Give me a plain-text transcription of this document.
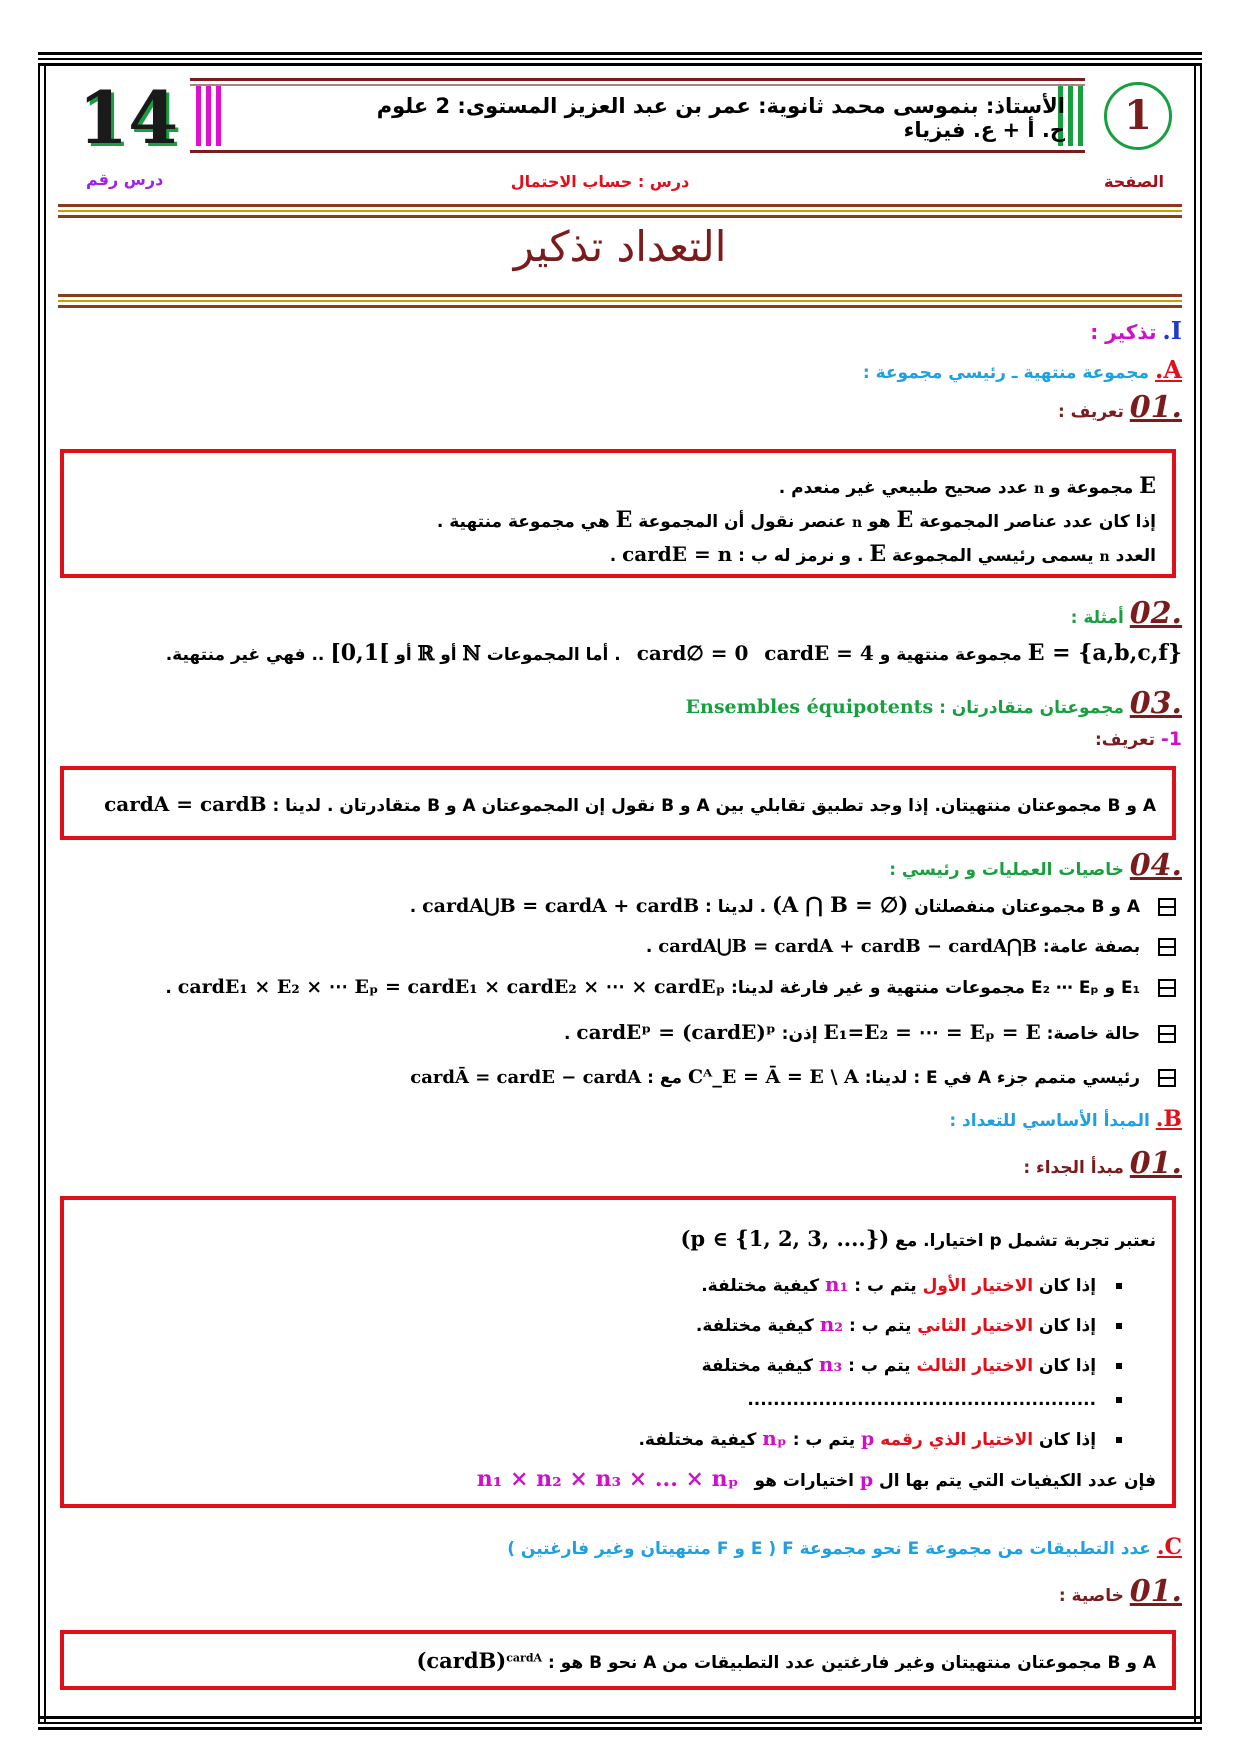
14
درس رقم
الأستاذ: بنموسى محمد ثانوية: عمر بن عبد العزيز المستوى: 2 علوم ح. أ + ع. فيزياء	1
الصفحة
درس : حساب الاحتمال
التعداد تذكير
I. تذكير :
A. مجموعة منتهية ـ رئيسي مجموعة :
.01 تعريف :
E مجموعة و n عدد صحيح طبيعي غير منعدم .
إذا كان عدد عناصر المجموعة E هو n عنصر نقول أن المجموعة E هي مجموعة منتهية .
العدد n يسمى رئيسي المجموعة E . و نرمز له ب : cardE = n .
.02 أمثلة :
E = {a,b,c,f} مجموعة منتهية و cardE = 4 card∅ = 0 . أما المجموعات ℕ أو ℝ أو [0,1[ .. فهي غير منتهية.
.03 مجموعتان متقادرتان : Ensembles équipotents
1- تعريف:
A و B مجموعتان منتهيتان. إذا وجد تطبيق تقابلي بين A و B نقول إن المجموعتان A و B متقادرتان . لدينا : cardA = cardB
.04 خاصيات العمليات و رئيسي :
A و B مجموعتان منفصلتان (A ⋂ B = ∅) . لدينا : cardA⋃B = cardA + cardB .
بصفة عامة: cardA⋃B = cardA + cardB − cardA⋂B .
E₁ و E₂ ⋯ Eₚ مجموعات منتهية و غير فارغة لدينا: cardE₁ × E₂ × ⋯ Eₚ = cardE₁ × cardE₂ × ⋯ × cardEₚ .
حالة خاصة: E₁=E₂ = ⋯ = Eₚ = E إذن: cardEᵖ = (cardE)ᵖ .
رئيسي متمم جزء A في E : لدينا: Cᴬ_E = Ā = E \ A مع : cardĀ = cardE − cardA
B. المبدأ الأساسي للتعداد :
.01 مبدأ الجداء :
نعتبر تجربة تشمل p اختيارا. مع (p ∈ {1, 2, 3, ....})
إذا كان الاختيار الأول يتم ب : n₁ كيفية مختلفة.
إذا كان الاختيار الثاني يتم ب : n₂ كيفية مختلفة.
إذا كان الاختيار الثالث يتم ب : n₃ كيفية مختلفة
......................................................
إذا كان الاختيار الذي رقمه p يتم ب : nₚ كيفية مختلفة.
فإن عدد الكيفيات التي يتم بها ال p اختيارات هو n₁ × n₂ × n₃ × ... × nₚ
C. عدد التطبيقات من مجموعة E نحو مجموعة F ( E و F منتهيتان وغير فارغتين )
.01 خاصية :
A و B مجموعتان منتهيتان وغير فارغتين عدد التطبيقات من A نحو B هو : (cardB)$^{cardA}$
